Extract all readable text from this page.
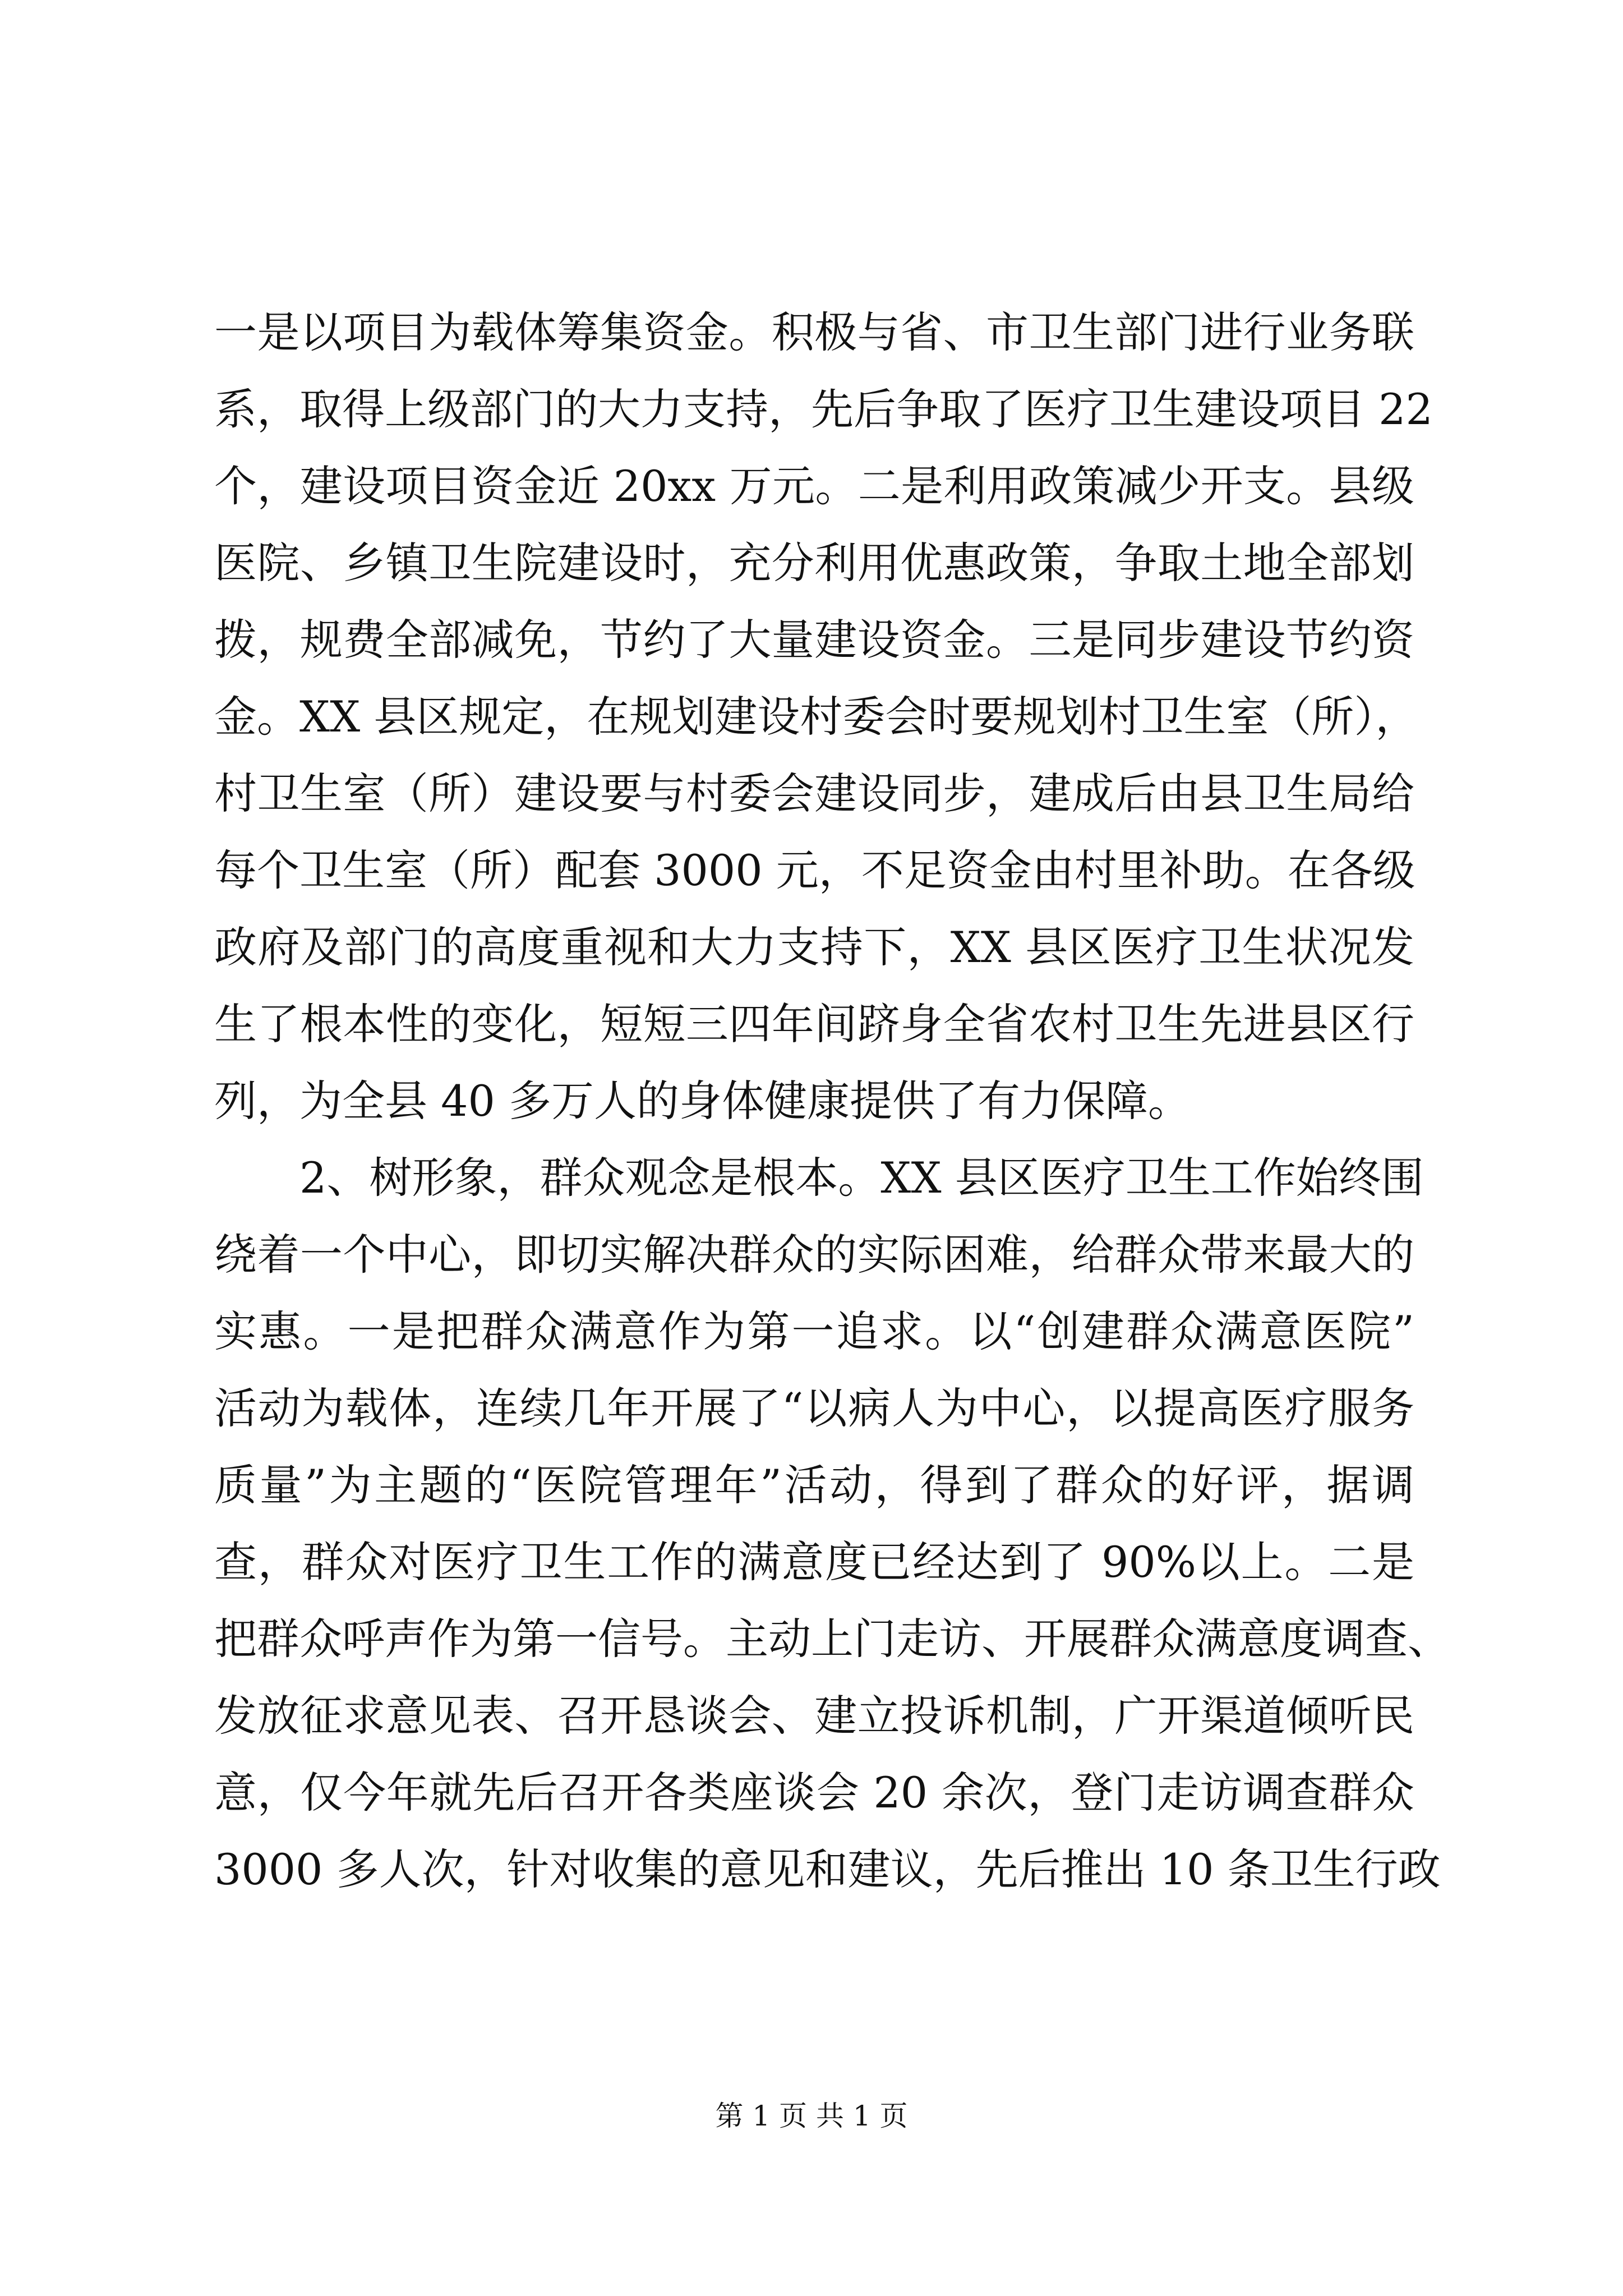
一是以项目为载体筹集资金。积极与省、市卫生部门进行业务联
系，取得上级部门的大力支持，先后争取了医疗卫生建设项目 22
个，建设项目资金近 20xx 万元。二是利用政策减少开支。县级
医院、乡镇卫生院建设时，充分利用优惠政策，争取土地全部划
拨，规费全部减免，节约了大量建设资金。三是同步建设节约资
金。XX 县区规定，在规划建设村委会时要规划村卫生室（所），
村卫生室（所）建设要与村委会建设同步，建成后由县卫生局给
每个卫生室（所）配套 3000 元，不足资金由村里补助。在各级
政府及部门的高度重视和大力支持下，XX 县区医疗卫生状况发
生了根本性的变化，短短三四年间跻身全省农村卫生先进县区行
列，为全县 40 多万人的身体健康提供了有力保障。
2、树形象，群众观念是根本。XX 县区医疗卫生工作始终围
绕着一个中心，即切实解决群众的实际困难，给群众带来最大的
实惠。一是把群众满意作为第一追求。以“创建群众满意医院”
活动为载体，连续几年开展了“以病人为中心，以提高医疗服务
质量”为主题的“医院管理年”活动，得到了群众的好评，据调
查，群众对医疗卫生工作的满意度已经达到了 90%以上。二是
把群众呼声作为第一信号。主动上门走访、开展群众满意度调查、
发放征求意见表、召开恳谈会、建立投诉机制，广开渠道倾听民
意，仅今年就先后召开各类座谈会 20 余次，登门走访调查群众
3000 多人次，针对收集的意见和建议，先后推出 10 条卫生行政
第 1 页 共 1 页
